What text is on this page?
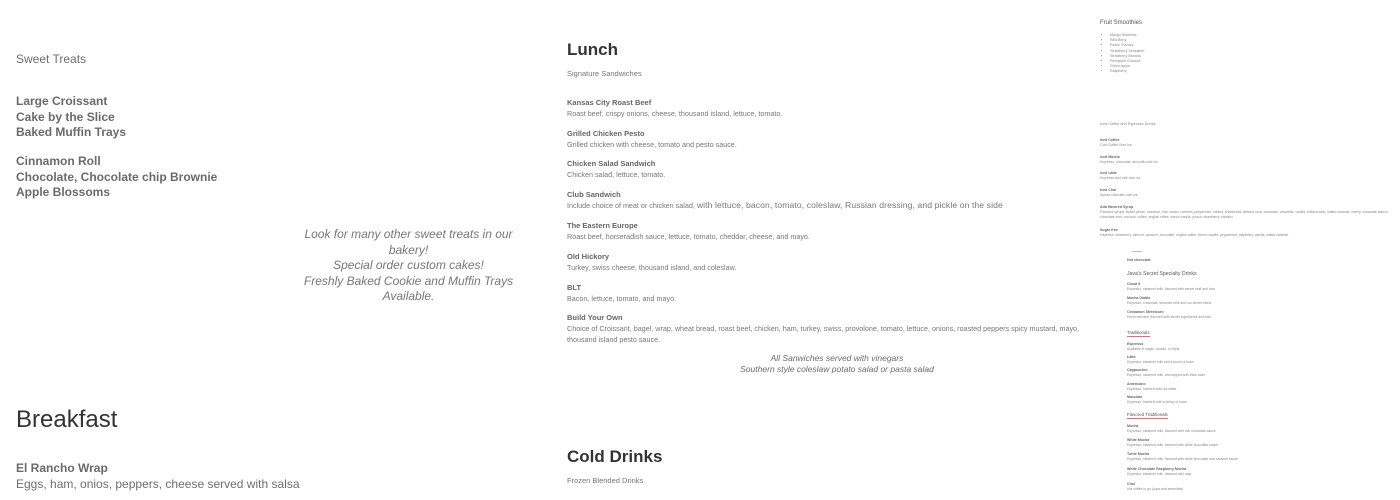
Sweet Treats
Large Croissant
Cake by the Slice
Baked Muffin Trays
Cinnamon Roll
Chocolate, Chocolate chip Brownie
Apple Blossoms
Look for many other sweet treats in our bakery!
Special order custom cakes!
Freshly Baked Cookie and Muffin Trays Available.
Breakfast
El Rancho Wrap
Eggs, ham, onios, peppers, cheese served with salsa
Lunch
Signature Sandwiches
Kansas City Roast Beef
Roast beef, crispy onions, cheese, thousand island, lettuce, tomato.
Grilled Chicken Pesto
Grilled chicken with cheese, tomato and pesto sauce.
Chicken Salad Sandwich
Chicken salad, lettuce, tomato.
Club Sandwich
Include choice of meat or chicken salad, with lettuce, bacon, tomato, coleslaw, Russian dressing, and pickle on the side
The Eastern Europe
Roast beef, horseradish sauce, lettuce, tomato, cheddar, cheese, and mayo.
Old Hickory
Turkey, swiss cheese, thousand island, and coleslaw.
BLT
Bacon, lettuce, tomato, and mayo.
Build Your Own
Choice of Croissant, bagel, wrap, wheat bread, roast beef, chicken, ham, turkey, swiss, provolone, tomato, lettuce, onions, roasted peppers spicy mustard, mayo, thousand island pesto sauce.
All Sanwiches served with vinegars
Southern style coleslaw potato salad or pasta salad
Cold Drinks
Frozen Blended Drinks
Fruit Smoothies
• Mango Madness
• Wild Berry
• Peach Pizzazz
• Strawberry Sensation
• Strawberry Banana
• Pineapple Coconut
• Green Apple
• Raspberry
Iced Coffee and Espresso Drinks
Iced Coffee
Cold Coffee Over Ice
Iced Mocha
Espresso, chocolate, and milk over ice
Iced Latte
Espresso and milk over ice
Iced Chai
Spiced chai latte over ice
Add flavored Syrup
Flavored syrups: Butter pecan, hazelnut, irish cream, caramel, peppermint, kahlua, shortbread, almond roca, cinnamon, amaretto, vanilla, butterscotch, salted caramel, cherry, chocolate blanco, chocolate mint, coconut, coffee, english toffee, french vanilla, peach, strawberry, tiramisu
Sugar free
Hazelnut, strawberry, almond, caramel, chocolate, english toffee, french vanilla, peppermint, raspberry, vanilla, salted caramel
Hot chocolate
Java's Secret Specialty Drinks
Cloud 9
Espresso, steamed milk, flavored with secret stuff and love
Mocha Diablo
Espresso, chocolate, steamed milk and our secret blend
Cinnamon Streetcorn
Fresh blended, flavored with secret ingredients and love
Traditionals
Espresso
Available in single, double, or triple
Latte
Espresso, steamed milk and a touch of foam
Cappuccino
Espresso, steamed milk, and topped with thick foam
Americano
Espresso, finished with hot water
Macciato
Espresso, finished with a dollop of foam
Flavored Traditionals
Mocha
Espresso, steamed milk, flavored with rich chocolate sauce
White Mocha
Espresso, steamed milk, flavored with white chocolate sauce
Turtle Mocha
Espresso, steamed milk, flavored with white chocolate and caramel sauce
White Chocolate Raspberry Mocha
Espresso, steamed milk, flavored with rasp
Chai
Hot coffee to go (cups and amenities)
